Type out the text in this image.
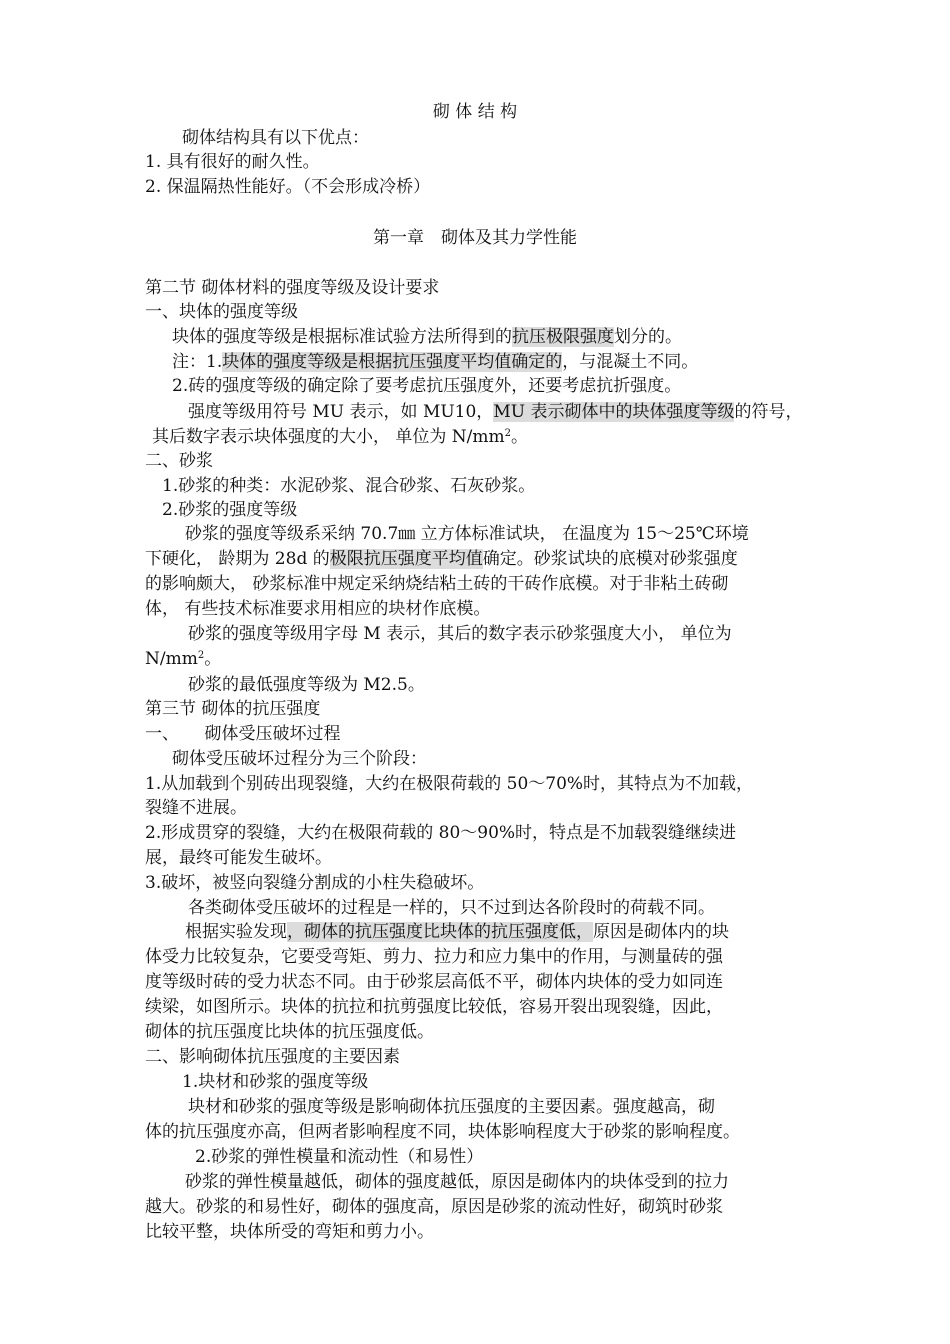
砌 体 结 构
砌体结构具有以下优点：
1. 具有很好的耐久性。
2. 保温隔热性能好。（不会形成冷桥）
第一章　砌体及其力学性能
第二节 砌体材料的强度等级及设计要求
一、块体的强度等级
块体的强度等级是根据标准试验方法所得到的抗压极限强度划分的。
注：1.块体的强度等级是根据抗压强度平均值确定的，与混凝土不同。
2.砖的强度等级的确定除了要考虑抗压强度外，还要考虑抗折强度。
强度等级用符号 MU 表示，如 MU10，MU 表示砌体中的块体强度等级的符号，
其后数字表示块体强度的大小， 单位为 $N/mm^2$。
二、砂浆
1.砂浆的种类：水泥砂浆、混合砂浆、石灰砂浆。
2.砂浆的强度等级
砂浆的强度等级系采纳 70.7㎜ 立方体标准试块， 在温度为 15～25℃环境
下硬化， 龄期为 28d 的极限抗压强度平均值确定。砂浆试块的底模对砂浆强度
的影响颇大， 砂浆标准中规定采纳烧结粘土砖的干砖作底模。对于非粘土砖砌
体， 有些技术标准要求用相应的块材作底模。
砂浆的强度等级用字母 M 表示，其后的数字表示砂浆强度大小， 单位为
$N/mm^2$。
砂浆的最低强度等级为 M2.5。
第三节 砌体的抗压强度
一、　　砌体受压破坏过程
砌体受压破坏过程分为三个阶段：
1.从加载到个别砖出现裂缝，大约在极限荷载的 50～70%时，其特点为不加载，
裂缝不进展。
2.形成贯穿的裂缝，大约在极限荷载的 80～90%时，特点是不加载裂缝继续进
展，最终可能发生破坏。
3.破坏，被竖向裂缝分割成的小柱失稳破坏。
各类砌体受压破坏的过程是一样的，只不过到达各阶段时的荷载不同。
根据实验发现，砌体的抗压强度比块体的抗压强度低，原因是砌体内的块
体受力比较复杂，它要受弯矩、剪力、拉力和应力集中的作用，与测量砖的强
度等级时砖的受力状态不同。由于砂浆层高低不平，砌体内块体的受力如同连
续梁，如图所示。块体的抗拉和抗剪强度比较低，容易开裂出现裂缝，因此，
砌体的抗压强度比块体的抗压强度低。
二、影响砌体抗压强度的主要因素
1.块材和砂浆的强度等级
块材和砂浆的强度等级是影响砌体抗压强度的主要因素。强度越高，砌
体的抗压强度亦高，但两者影响程度不同，块体影响程度大于砂浆的影响程度。
2.砂浆的弹性模量和流动性（和易性）
砂浆的弹性模量越低，砌体的强度越低，原因是砌体内的块体受到的拉力
越大。砂浆的和易性好，砌体的强度高，原因是砂浆的流动性好，砌筑时砂浆
比较平整，块体所受的弯矩和剪力小。
